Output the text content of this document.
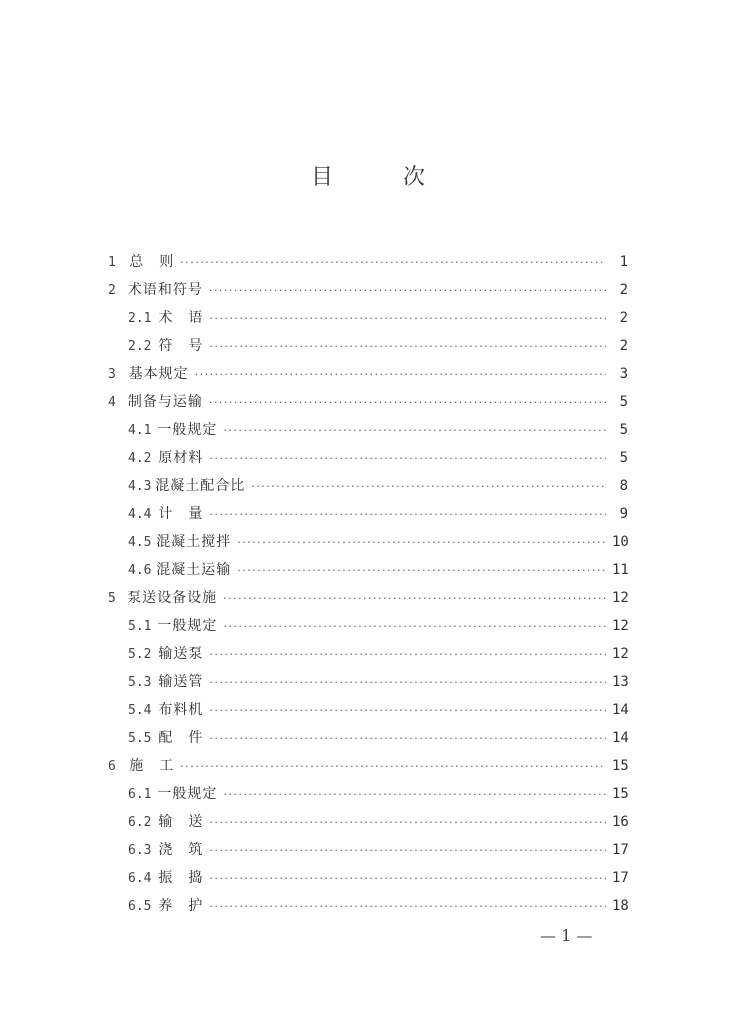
目　次
1 总　则 ·····	1
2 术语和符号 ·····	2
2.1 术　语 ·····	2
2.2 符　号 ·····	2
3 基本规定 ·····	3
4 制备与运输 ·····	5
4.1 一般规定 ·····	5
4.2 原材料 ·····	5
4.3 混凝土配合比 ·····	8
4.4 计　量 ·····	9
4.5 混凝土搅拌 ·····	10
4.6 混凝土运输 ·····	11
5 泵送设备设施 ·····	12
5.1 一般规定 ·····	12
5.2 输送泵 ·····	12
5.3 输送管 ·····	13
5.4 布料机 ·····	14
5.5 配　件 ·····	14
6 施　工 ·····	15
6.1 一般规定 ·····	15
6.2 输　送 ·····	16
6.3 浇　筑 ·····	17
6.4 振　捣 ·····	17
6.5 养　护 ·····	18
— 1 —
